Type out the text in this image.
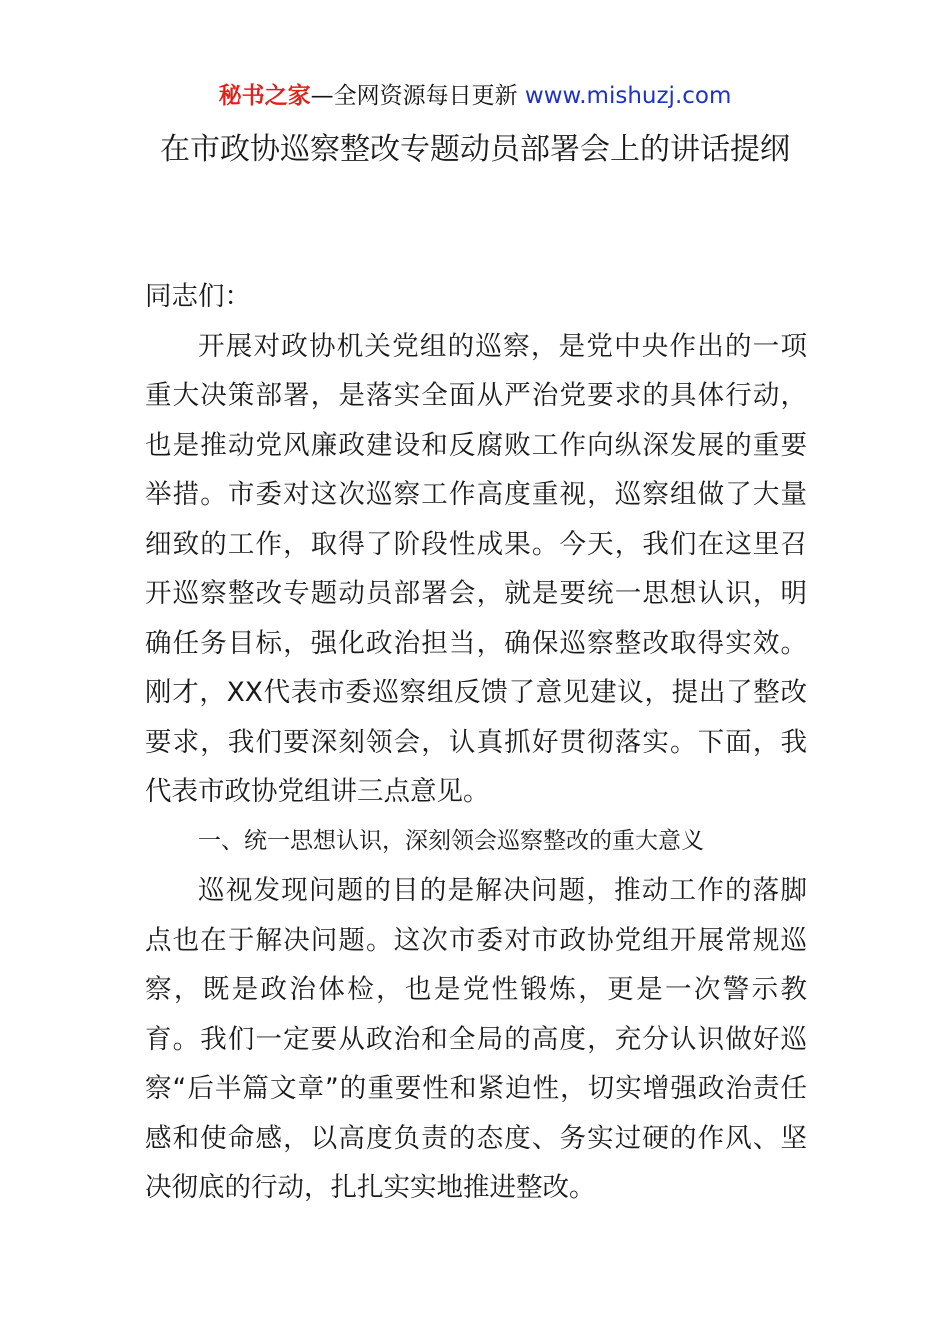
秘书之家—全网资源每日更新 www.mishuzj.com
在市政协巡察整改专题动员部署会上的讲话提纲

同志们：

开展对政协机关党组的巡察，是党中央作出的一项重大决策部署，是落实全面从严治党要求的具体行动，也是推动党风廉政建设和反腐败工作向纵深发展的重要举措。市委对这次巡察工作高度重视，巡察组做了大量细致的工作，取得了阶段性成果。今天，我们在这里召开巡察整改专题动员部署会，就是要统一思想认识，明确任务目标，强化政治担当，确保巡察整改取得实效。刚才，XX代表市委巡察组反馈了意见建议，提出了整改要求，我们要深刻领会，认真抓好贯彻落实。下面，我代表市政协党组讲三点意见。

一、统一思想认识，深刻领会巡察整改的重大意义

巡视发现问题的目的是解决问题，推动工作的落脚点也在于解决问题。这次市委对市政协党组开展常规巡察，既是政治体检，也是党性锻炼，更是一次警示教育。我们一定要从政治和全局的高度，充分认识做好巡察“后半篇文章”的重要性和紧迫性，切实增强政治责任感和使命感，以高度负责的态度、务实过硬的作风、坚决彻底的行动，扎扎实实地推进整改。
